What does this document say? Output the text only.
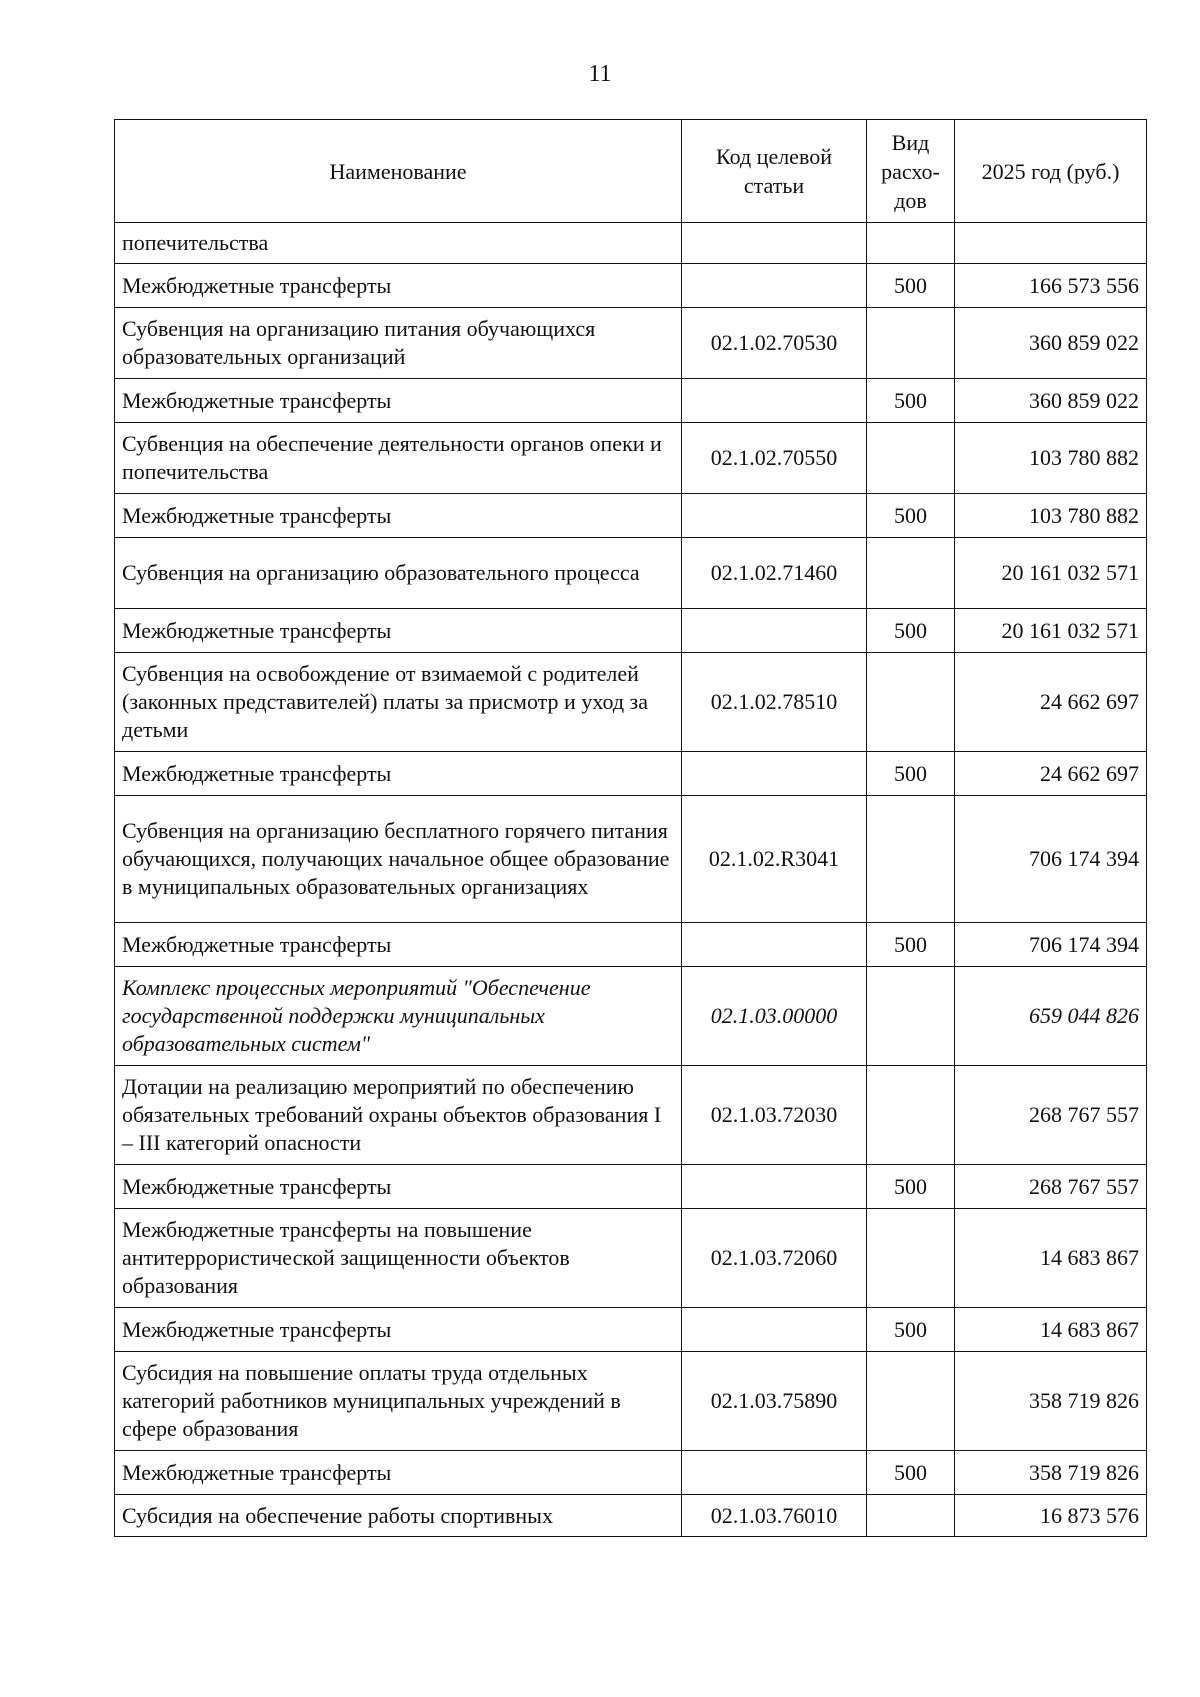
11
Наименование	Код целевой статьи	Вид расхо-дов	2025 год (руб.)
попечительства			
Межбюджетные трансферты		500	166 573 556
Субвенция на организацию питания обучающихся образовательных организаций	02.1.02.70530		360 859 022
Межбюджетные трансферты		500	360 859 022
Субвенция на обеспечение деятельности органов опеки и попечительства	02.1.02.70550		103 780 882
Межбюджетные трансферты		500	103 780 882
Субвенция на организацию образовательного процесса	02.1.02.71460		20 161 032 571
Межбюджетные трансферты		500	20 161 032 571
Субвенция на освобождение от взимаемой с родителей (законных представителей) платы за присмотр и уход за детьми	02.1.02.78510		24 662 697
Межбюджетные трансферты		500	24 662 697
Субвенция на организацию бесплатного горячего питания обучающихся, получающих начальное общее образование в муниципальных образовательных организациях	02.1.02.R3041		706 174 394
Межбюджетные трансферты		500	706 174 394
Комплекс процессных мероприятий "Обеспечение государственной поддержки муниципальных образовательных систем"	02.1.03.00000		659 044 826
Дотации на реализацию мероприятий по обеспечению обязательных требований охраны объектов образования I – III категорий опасности	02.1.03.72030		268 767 557
Межбюджетные трансферты		500	268 767 557
Межбюджетные трансферты на повышение антитеррористической защищенности объектов образования	02.1.03.72060		14 683 867
Межбюджетные трансферты		500	14 683 867
Субсидия на повышение оплаты труда отдельных категорий работников муниципальных учреждений в сфере образования	02.1.03.75890		358 719 826
Межбюджетные трансферты		500	358 719 826
Субсидия на обеспечение работы спортивных	02.1.03.76010		16 873 576
